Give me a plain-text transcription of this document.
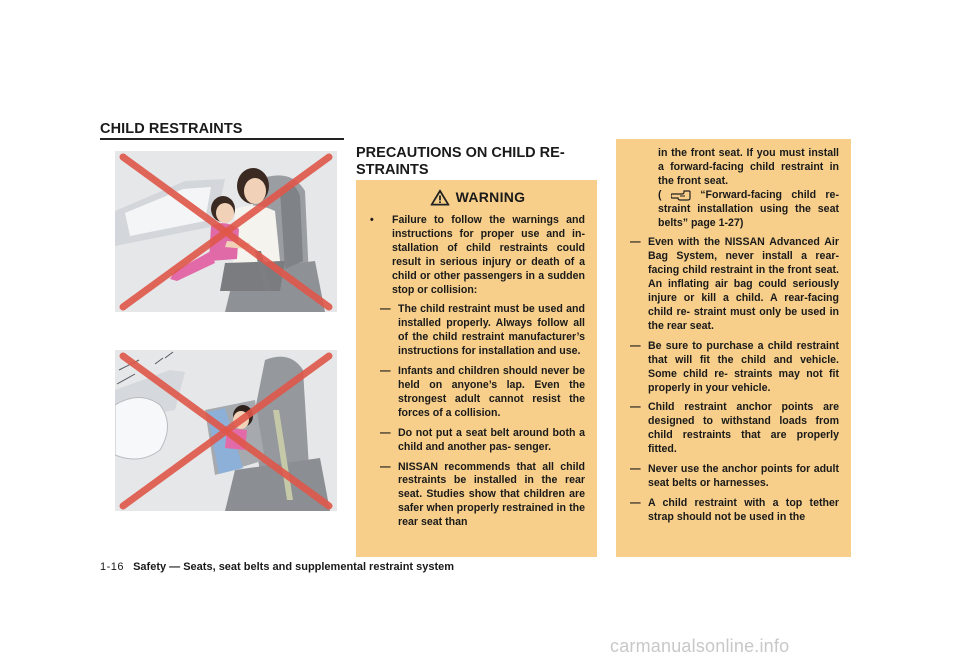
CHILD RESTRAINTS
PRECAUTIONS ON CHILD RE-
STRAINTS
WARNING
•	Failure to follow the warnings and instructions for proper use and in- stallation of child restraints could result in serious injury or death of a child or other passengers in a sudden stop or collision:

— The child restraint must be used and installed properly. Always follow all of the child restraint manufacturer’s instructions for installation and use.

— Infants and children should never be held on anyone’s lap. Even the strongest adult cannot resist the forces of a collision.

— Do not put a seat belt around both a child and another pas- senger.

— NISSAN recommends that all child restraints be installed in the rear seat. Studies show that children are safer when properly restrained in the rear seat than

in the front seat. If you must install a forward-facing child restraint in the front seat.

(	“Forward-facing child re- straint installation using the seat belts” page 1-27)

— Even with the NISSAN Advanced Air Bag System, never install a rear-facing child restraint in the front seat. An inflating air bag could seriously injure or kill a child. A rear-facing child re- straint must only be used in the rear seat.

— Be sure to purchase a child restraint that will fit the child and vehicle. Some child re- straints may not fit properly in your vehicle.

— Child restraint anchor points are designed to withstand loads from child restraints that are properly fitted.

— Never use the anchor points for adult seat belts or harnesses.

— A child restraint with a top tether strap should not be used in the

1-16 Safety — Seats, seat belts and supplemental restraint system
carmanualsonline.info
